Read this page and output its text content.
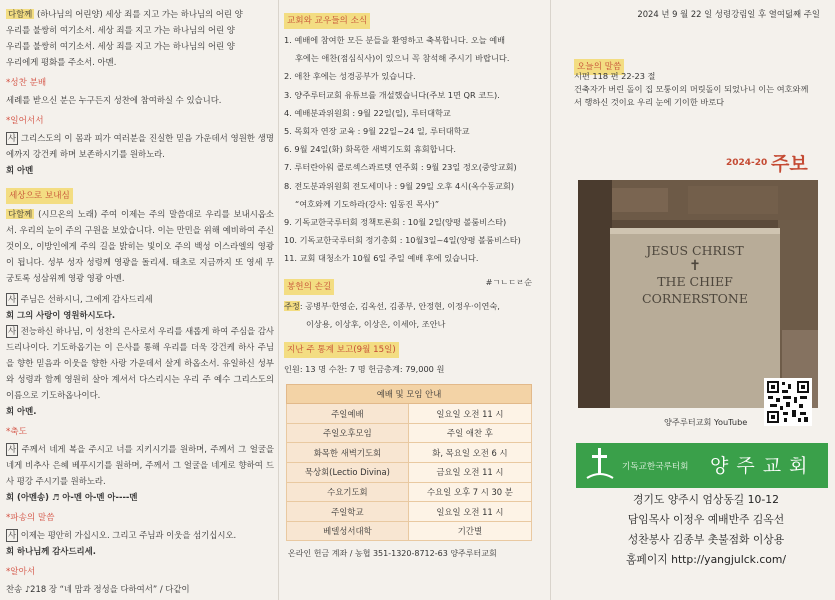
다함께 (하나님의 어린양) 세상 죄를 지고 가는 하나님의 어린 양
우리를 불쌍히 여기소서. 세상 죄를 지고 가는 하나님의 어린 양
우리를 불쌍히 여기소서. 세상 죄를 지고 가는 하나님의 어린 양
우리에게 평화를 주소서. 아멘.
*성찬 분배
세례를 받으신 분은 누구든지 성찬에 참여하실 수 있습니다.
*일어서서
사 그리스도의 이 몸과 피가 여러분을 진실한 믿음 가운데서 영원한 생명에까지 강건케 하며 보존하시기를 원하노라.
회 아멘
세상으로 보내심
다함께 (시므온의 노래) 주여 이제는 주의 말씀대로 우리를 보내시옵소서. 우리의 눈이 주의 구원을 보았습니다. 이는 만민을 위해 예비하여 주신 것이오, 이방인에게 주의 길을 밝히는 빛이오 주의 백성 이스라엘의 영광이 됩니다. 성부 성자 성령께 영광을 돌리세. 태초로 지금까지 또 영세 무궁토록 성삼위께 영광 영광 아멘.
사 주님은 선하시니, 그에게 감사드리세
회 그의 사랑이 영원하시도다.
사 전능하신 하나님, 이 성찬의 은사로서 우리를 새롭게 하여 주심을 감사드리나이다. 기도하옵기는 이 은사를 통해 우리를 더욱 강건케 하사 주님을 향한 믿음과 이웃을 향한 사랑 가운데서 살게 하옵소서. 유일하신 성부와 성령과 함께 영원히 살아 계셔서 다스리시는 우리 주 예수 그리스도의 이름으로 기도하옵나이다.
회 아멘.
*축도
사 주께서 네게 복을 주시고 너를 지키시기를 원하며, 주께서 그 얼굴을 네게 비추사 은혜 베푸시기를 원하며, 주께서 그 얼굴을 네게로 향하여 드사 평강 주시기를 원하노라.
회 (아멘송) ♬ 아-멘 아-멘 아----멘
*파송의 말씀
사 이제는 평안히 가십시오. 그리고 주님과 이웃을 섬기십시오.
회 하나님께 감사드리세.
*알아서
찬송 ♪218 장 “네 맘과 정성을 다하여서” / 다같이
교회와 교우들의 소식
1. 예배에 참여한 모든 분들을 환영하고 축복합니다. 오늘 예배
후에는 애찬(점심식사)이 있으니 꼭 참석해 주시기 바랍니다.
2. 애찬 후에는 성경공부가 있습니다.
3. 양주루터교회 유튜브를 개설했습니다(주보 1면 QR 코드).
4. 예배분과위원회 : 9월 22일(일), 루터대학교
5. 목회자 연장 교육 : 9월 22일~24 일, 루터대학교
6. 9월 24일(화) 화목한 새벽기도회 휴회합니다.
7. 루터란아워 콜로섹스콰르텟 연주회 : 9월 23일 정오(중앙교회)
8. 전도분과위원회 전도세미나 : 9월 29일 오후 4시(옥수동교회)
“여호와께 기도하라(강사: 임동진 목사)”
9. 기독교한국루터회 정책토론회 : 10월 2일(양평 볼룸비스타)
10. 기독교한국루터회 정기총회 : 10월3일~4일(양평 볼룸비스타)
11. 교회 대청소가 10월 6일 주일 예배 후에 있습니다.
봉헌의 손길	#ㄱㄴㄷㄹ순
주정: 공병부·한영순, 김옥선, 김종부, 안정현, 이정우·이연숙,
이상용, 이상후, 이상은, 이세아, 조안나
지난 주 통계 보고(9월 15일)
인원: 13 명 수찬: 7 명 헌금총계: 79,000 원
예배 및 모임 안내	
주일예배	일요일 오전 11 시
주일오후모임	주일 애찬 후
화목한 새벽기도회	화, 목요일 오전 6 시
묵상회(Lectio Divina)	금요일 오전 11 시
수요기도회	수요일 오후 7 시 30 분
주일학교	일요일 오전 11 시
베델성서대학	기간별
온라인 헌금 계좌 / 농협 351-1320-8712-63 양주루터교회
2024 년 9 월 22 일 성령강림일 후 열여덟째 주일
오늘의 말씀
시편 118 편 22-23 절
건축자가 버린 돌이 집 모퉁이의 머릿돌이 되었나니 이는 여호와께서 행하신 것이요 우리 눈에 기이한 바로다
2024-20 주보
JESUS CHRIST
✝
THE CHIEF
CORNERSTONE
양주루터교회 YouTube
기독교한국루터회 양 주 교 회
경기도 양주시 엄상동길 10-12
담임목사 이정우 예배반주 김옥선
성찬봉사 김종부 촛불점화 이상용
홈페이지 http://yangjulck.com/
